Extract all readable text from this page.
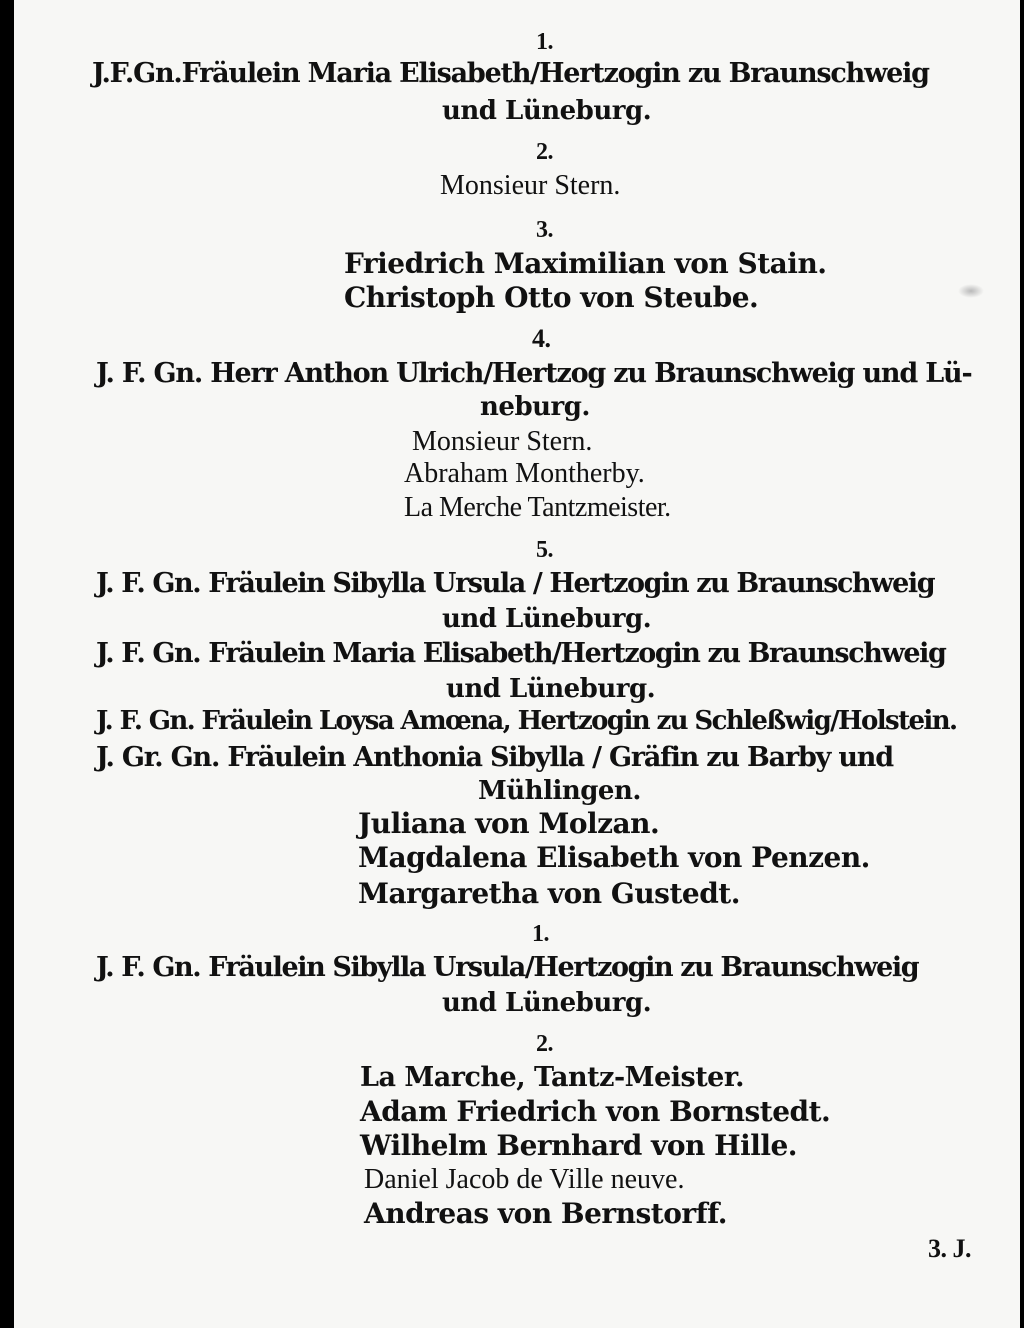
1.
J.F.Gn.Fräulein Maria Elisabeth/Hertzogin zu Braunschweig
und Lüneburg.
2.
Monsieur Stern.
3.
Friedrich Maximilian von Stain.
Christoph Otto von Steube.
4.
J. F. Gn. Herr Anthon Ulrich/Hertzog zu Braunschweig und Lü-
neburg.
Monsieur Stern.
Abraham Montherby.
La Merche Tantzmeister.
5.
J. F. Gn. Fräulein Sibylla Ursula / Hertzogin zu Braunschweig
und Lüneburg.
J. F. Gn. Fräulein Maria Elisabeth/Hertzogin zu Braunschweig
und Lüneburg.
J. F. Gn. Fräulein Loysa Amœna, Hertzogin zu Schleßwig/Holstein.
J. Gr. Gn. Fräulein Anthonia Sibylla / Gräfin zu Barby und
Mühlingen.
Juliana von Molzan.
Magdalena Elisabeth von Penzen.
Margaretha von Gustedt.
1.
J. F. Gn. Fräulein Sibylla Ursula/Hertzogin zu Braunschweig
und Lüneburg.
2.
La Marche, Tantz-Meister.
Adam Friedrich von Bornstedt.
Wilhelm Bernhard von Hille.
Daniel Jacob de Ville neuve.
Andreas von Bernstorff.
3. J.
